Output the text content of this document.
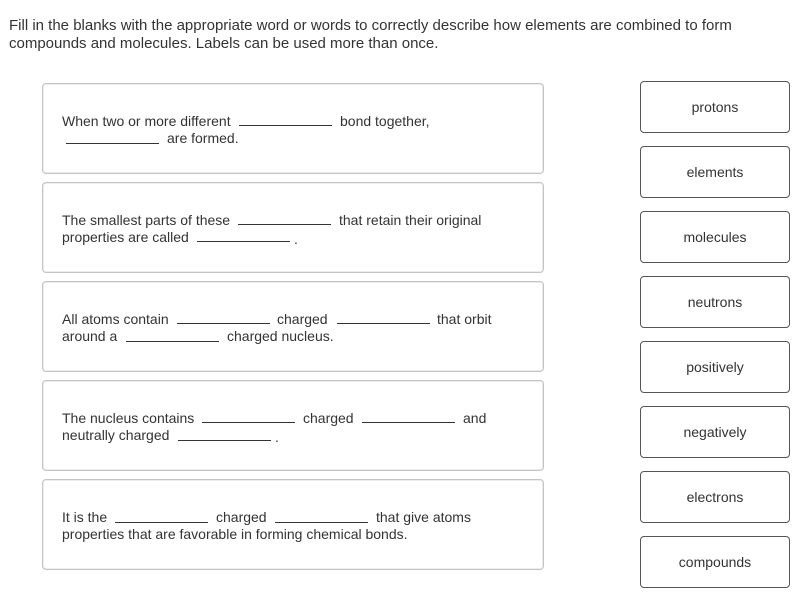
Fill in the blanks with the appropriate word or words to correctly describe how elements are combined to form compounds and molecules. Labels can be used more than once.
When two or more different	bond together,
are formed.
The smallest parts of these	that retain their original
properties are called	.
All atoms contain	charged	that orbit
around a	charged nucleus.
The nucleus contains	charged	and
neutrally charged	.
It is the	charged	that give atoms
properties that are favorable in forming chemical bonds.
protons
elements
molecules
neutrons
positively
negatively
electrons
compounds
